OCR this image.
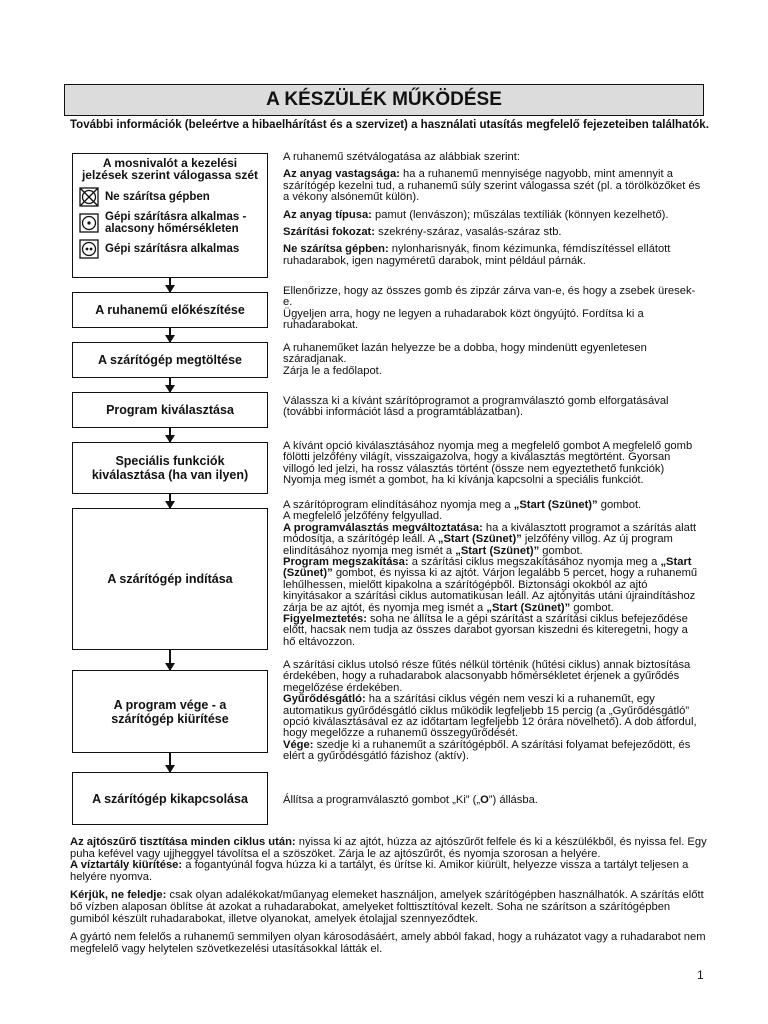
A KÉSZÜLÉK MŰKÖDÉSE
További információk (beleértve a hibaelhárítást és a szervizet) a használati utasítás megfelelő fejezeteiben találhatók.
A mosnivalót a kezelési jelzések szerint válogassa szét
Ne szárítsa gépben
Gépi szárításra alkalmas - alacsony hőmérsékleten
Gépi szárításra alkalmas
A ruhanemű előkészítése
A szárítógép megtöltése
Program kiválasztása
Speciális funkciók kiválasztása (ha van ilyen)
A szárítógép indítása
A program vége - a szárítógép kiürítése
A szárítógép kikapcsolása

A ruhanemű szétválogatása az alábbiak szerint:

Az anyag vastagsága: ha a ruhanemű mennyisége nagyobb, mint amennyit a szárítógép kezelni tud, a ruhanemű súly szerint válogassa szét (pl. a törölközőket és a vékony alsóneműt külön).

Az anyag típusa: pamut (lenvászon); műszálas textíliák (könnyen kezelhető).

Szárítási fokozat: szekrény-száraz, vasalás-száraz stb.

Ne szárítsa gépben: nylonharisnyák, finom kézimunka, fémdíszítéssel ellátott ruhadarabok, igen nagyméretű darabok, mint például párnák.

Ellenőrizze, hogy az összes gomb és zipzár zárva van-e, és hogy a zsebek üresek-e.

Ügyeljen arra, hogy ne legyen a ruhadarabok közt öngyújtó. Fordítsa ki a ruhadarabokat.

A ruhaneműket lazán helyezze be a dobba, hogy mindenütt egyenletesen száradjanak.

Zárja le a fedőlapot.

Válassza ki a kívánt szárítóprogramot a programválasztó gomb elforgatásával (további információt lásd a programtáblázatban).

A kívánt opció kiválasztásához nyomja meg a megfelelő gombot A megfelelő gomb fölötti jelzőfény világít, visszaigazolva, hogy a kiválasztás megtörtént. Gyorsan villogó led jelzi, ha rossz választás történt (össze nem egyeztethető funkciók) Nyomja meg ismét a gombot, ha ki kívánja kapcsolni a speciális funkciót.

A szárítóprogram elindításához nyomja meg a „Start (Szünet)” gombot.

A megfelelő jelzőfény felgyullad.

A programválasztás megváltoztatása: ha a kiválasztott programot a szárítás alatt módosítja, a szárítógép leáll. A „Start (Szünet)” jelzőfény villog. Az új program elindításához nyomja meg ismét a „Start (Szünet)” gombot.

Program megszakítása: a szárítási ciklus megszakításához nyomja meg a „Start (Szünet)” gombot, és nyissa ki az ajtót. Várjon legalább 5 percet, hogy a ruhanemű lehűlhessen, mielőtt kipakolna a szárítógépből. Biztonsági okokból az ajtó kinyitásakor a szárítási ciklus automatikusan leáll. Az ajtónyitás utáni újraindításhoz zárja be az ajtót, és nyomja meg ismét a „Start (Szünet)” gombot.

Figyelmeztetés: soha ne állítsa le a gépi szárítást a szárítási ciklus befejeződése előtt, hacsak nem tudja az összes darabot gyorsan kiszedni és kiteregetni, hogy a hő eltávozzon.

A szárítási ciklus utolsó része fűtés nélkül történik (hűtési ciklus) annak biztosítása érdekében, hogy a ruhadarabok alacsonyabb hőmérsékletet érjenek a gyűrődés megelőzése érdekében.

Gyűrődésgátló: ha a szárítási ciklus végén nem veszi ki a ruhaneműt, egy automatikus gyűrődésgátló ciklus működik legfeljebb 15 percig (a „Gyűrődésgátló” opció kiválasztásával ez az időtartam legfeljebb 12 órára növelhető). A dob átfordul, hogy megelőzze a ruhanemű összegyűrődését.

Vége: szedje ki a ruhaneműt a szárítógépből. A szárítási folyamat befejeződött, és elért a gyűrődésgátló fázishoz (aktív).

Állítsa a programválasztó gombot „Ki” („O”) állásba.

Az ajtószűrő tisztítása minden ciklus után: nyissa ki az ajtót, húzza az ajtószűrőt felfele és ki a készülékből, és nyissa fel. Egy puha kefével vagy ujjheggyel távolítsa el a szöszöket. Zárja le az ajtószűrőt, és nyomja szorosan a helyére.

A víztartály kiürítése: a fogantyúnál fogva húzza ki a tartályt, és ürítse ki. Amikor kiürült, helyezze vissza a tartályt teljesen a helyére nyomva.

Kérjük, ne feledje: csak olyan adalékokat/műanyag elemeket használjon, amelyek szárítógépben használhatók. A szárítás előtt bő vízben alaposan öblítse át azokat a ruhadarabokat, amelyeket folttisztítóval kezelt. Soha ne szárítson a szárítógépben gumiból készült ruhadarabokat, illetve olyanokat, amelyek étolajjal szennyeződtek.

A gyártó nem felelős a ruhanemű semmilyen olyan károsodásáért, amely abból fakad, hogy a ruházatot vagy a ruhadarabot nem megfelelő vagy helytelen szövetkezelési utasításokkal látták el.

1
